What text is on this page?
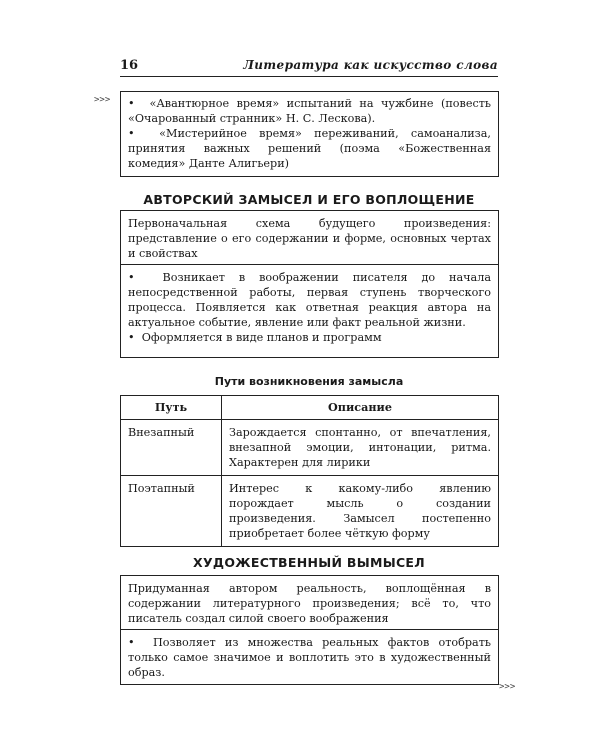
16	Литература как искусство слова
>>>	•  «Авантюрное время» испытаний на чужбине (повесть «Очарованный странник» Н. С. Лескова).

•  «Мистерийное время» переживаний, самоанализа, принятия важных решений (поэма «Божественная комедия» Данте Алигьери)

АВТОРСКИЙ ЗАМЫСЕЛ И ЕГО ВОПЛОЩЕНИЕ

Первоначальная схема будущего произведения: представление о его содержании и форме, основных чертах и свойствах

•  Возникает в воображении писателя до начала непосредственной работы, первая ступень творческого процесса. Появляется как ответная реакция автора на актуальное событие, явление или факт реальной жизни.

•  Оформляется в виде планов и программ

Пути возникновения замысла
Путь	Описание
Внезапный	Зарождается спонтанно, от впечатления, внезапной эмоции, интонации, ритма. Характерен для лирики
Поэтапный	Интерес к какому-либо явлению порождает мысль о создании произведения. Замысел постепенно приобретает более чёткую форму
ХУДОЖЕСТВЕННЫЙ ВЫМЫСЕЛ

Придуманная автором реальность, воплощённая в содержании литературного произведения; всё то, что писатель создал силой своего воображения

•  Позволяет из множества реальных фактов отобрать только самое значимое и воплотить это в художественный образ.

>>>
